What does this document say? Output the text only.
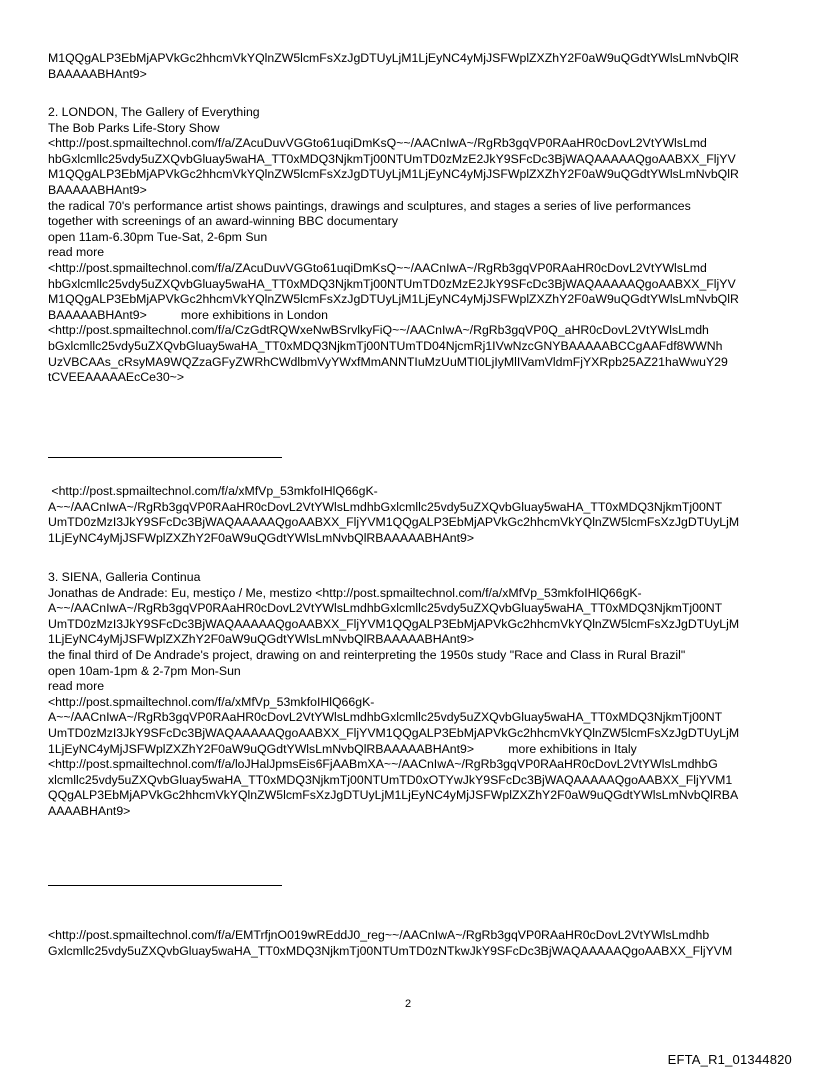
M1QQgALP3EbMjAPVkGc2hhcmVkYQlnZW5lcmFsXzJgDTUyLjM1LjEyNC4yMjJSFWplZXZhY2F0aW9uQGdtYWlsLmNvbQlR
BAAAAABHAnt9>
2. LONDON, The Gallery of Everything
The Bob Parks Life-Story Show
<http://post.spmailtechnol.com/f/a/ZAcuDuvVGGto61uqiDmKsQ~~/AACnIwA~/RgRb3gqVP0RAaHR0cDovL2VtYWlsLmd
hbGxlcmllc25vdy5uZXQvbGluay5waHA_TT0xMDQ3NjkmTj00NTUmTD0zMzE2JkY9SFcDc3BjWAQAAAAAQgoAABXX_FljYV
M1QQgALP3EbMjAPVkGc2hhcmVkYQlnZW5lcmFsXzJgDTUyLjM1LjEyNC4yMjJSFWplZXZhY2F0aW9uQGdtYWlsLmNvbQlR
BAAAAABHAnt9>
the radical 70's performance artist shows paintings, drawings and sculptures, and stages a series of live performances
together with screenings of an award-winning BBC documentary
open 11am-6.30pm Tue-Sat, 2-6pm Sun
read more
<http://post.spmailtechnol.com/f/a/ZAcuDuvVGGto61uqiDmKsQ~~/AACnIwA~/RgRb3gqVP0RAaHR0cDovL2VtYWlsLmd
hbGxlcmllc25vdy5uZXQvbGluay5waHA_TT0xMDQ3NjkmTj00NTUmTD0zMzE2JkY9SFcDc3BjWAQAAAAAQgoAABXX_FljYV
M1QQgALP3EbMjAPVkGc2hhcmVkYQlnZW5lcmFsXzJgDTUyLjM1LjEyNC4yMjJSFWplZXZhY2F0aW9uQGdtYWlsLmNvbQlR
BAAAAABHAnt9>          more exhibitions in London
<http://post.spmailtechnol.com/f/a/CzGdtRQWxeNwBSrvlkyFiQ~~/AACnIwA~/RgRb3gqVP0Q_aHR0cDovL2VtYWlsLmdh
bGxlcmllc25vdy5uZXQvbGluay5waHA_TT0xMDQ3NjkmTj00NTUmTD04NjcmRj1IVwNzcGNYBAAAAABCCgAAFdf8WWNh
UzVBCAAs_cRsyMA9WQZzaGFyZWRhCWdlbmVyYWxfMmANNTIuMzUuMTI0LjIyMlIVamVldmFjYXRpb25AZ21haWwuY29
tCVEEAAAAAEcCe30~>
<http://post.spmailtechnol.com/f/a/xMfVp_53mkfoIHlQ66gK-
A~~/AACnIwA~/RgRb3gqVP0RAaHR0cDovL2VtYWlsLmdhbGxlcmllc25vdy5uZXQvbGluay5waHA_TT0xMDQ3NjkmTj00NT
UmTD0zMzI3JkY9SFcDc3BjWAQAAAAAQgoAABXX_FljYVM1QQgALP3EbMjAPVkGc2hhcmVkYQlnZW5lcmFsXzJgDTUyLjM
1LjEyNC4yMjJSFWplZXZhY2F0aW9uQGdtYWlsLmNvbQlRBAAAAABHAnt9>
3. SIENA, Galleria Continua
Jonathas de Andrade: Eu, mestiço / Me, mestizo <http://post.spmailtechnol.com/f/a/xMfVp_53mkfoIHlQ66gK-
A~~/AACnIwA~/RgRb3gqVP0RAaHR0cDovL2VtYWlsLmdhbGxlcmllc25vdy5uZXQvbGluay5waHA_TT0xMDQ3NjkmTj00NT
UmTD0zMzI3JkY9SFcDc3BjWAQAAAAAQgoAABXX_FljYVM1QQgALP3EbMjAPVkGc2hhcmVkYQlnZW5lcmFsXzJgDTUyLjM
1LjEyNC4yMjJSFWplZXZhY2F0aW9uQGdtYWlsLmNvbQlRBAAAAABHAnt9>
the final third of De Andrade's project, drawing on and reinterpreting the 1950s study "Race and Class in Rural Brazil"
open 10am-1pm & 2-7pm Mon-Sun
read more
<http://post.spmailtechnol.com/f/a/xMfVp_53mkfoIHlQ66gK-
A~~/AACnIwA~/RgRb3gqVP0RAaHR0cDovL2VtYWlsLmdhbGxlcmllc25vdy5uZXQvbGluay5waHA_TT0xMDQ3NjkmTj00NT
UmTD0zMzI3JkY9SFcDc3BjWAQAAAAAQgoAABXX_FljYVM1QQgALP3EbMjAPVkGc2hhcmVkYQlnZW5lcmFsXzJgDTUyLjM
1LjEyNC4yMjJSFWplZXZhY2F0aW9uQGdtYWlsLmNvbQlRBAAAAABHAnt9>          more exhibitions in Italy
<http://post.spmailtechnol.com/f/a/loJHalJpmsEis6FjAABmXA~~/AACnIwA~/RgRb3gqVP0RAaHR0cDovL2VtYWlsLmdhbG
xlcmllc25vdy5uZXQvbGluay5waHA_TT0xMDQ3NjkmTj00NTUmTD0xOTYwJkY9SFcDc3BjWAQAAAAAQgoAABXX_FljYVM1
QQgALP3EbMjAPVkGc2hhcmVkYQlnZW5lcmFsXzJgDTUyLjM1LjEyNC4yMjJSFWplZXZhY2F0aW9uQGdtYWlsLmNvbQlRBA
AAAABHAnt9>
<http://post.spmailtechnol.com/f/a/EMTrfjnO019wREddJ0_reg~~/AACnIwA~/RgRb3gqVP0RAaHR0cDovL2VtYWlsLmdhb
Gxlcmllc25vdy5uZXQvbGluay5waHA_TT0xMDQ3NjkmTj00NTUmTD0zNTkwJkY9SFcDc3BjWAQAAAAAQgoAABXX_FljYVM
2
EFTA_R1_01344820
